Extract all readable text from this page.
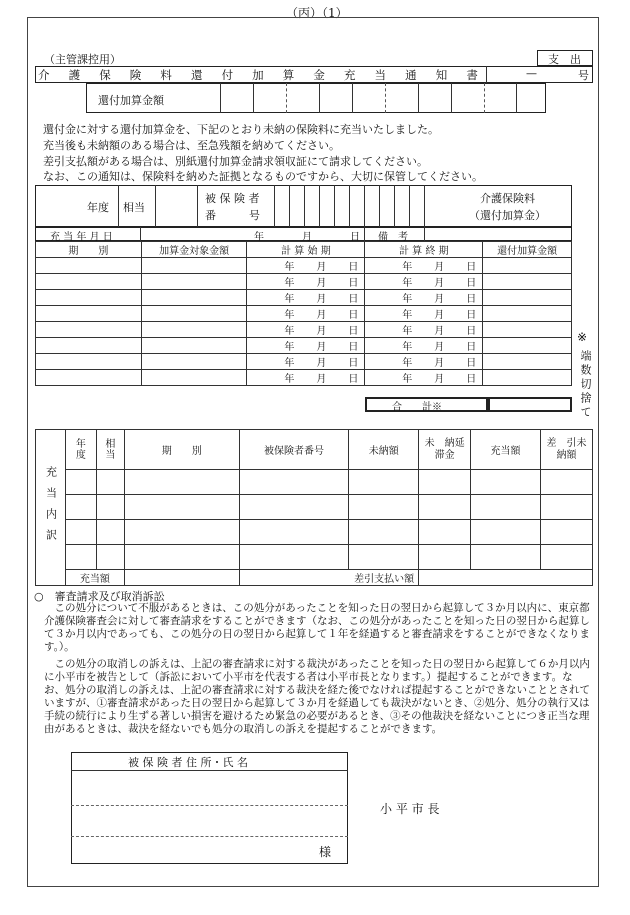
（丙）（1）
（主管課控用）	支　出
介 護 保 険 料 還 付 加 算 金 充 当 通 知 書	—	号
還付加算金額
還付金に対する還付加算金を、下記のとおり未納の保険料に充当いたしました。
充当後も未納額のある場合は、至急残額を納めてください。
差引支払額がある場合は、別紙還付加算金請求領収証にて請求してください。
なお、この通知は、保険料を納めた証拠となるものですから、大切に保管してください。
年度 相当
被 保 険 者
番　　　号
介護保険料
（還付加算金）
充 当 年 月 日	年	月	日 備　考
期　　別	加算金対象金額	計 算 始 期	計 算 終 期	還付加算金額

		年 月 日	年 月 日	

		年 月 日	年 月 日	

		年 月 日	年 月 日	

		年 月 日	年 月 日	

		年 月 日	年 月 日	

		年 月 日	年 月 日	

		年 月 日	年 月 日	

		年 月 日	年 月 日	

合　　計※
※
端数切捨て
充当内訳	年度	相当	期　　別	被保険者番号	未納額	未　納延滞金	充当額	差　引未納額

	充当額			差引支払い額				
○　審査請求及び取消訴訟
　この処分について不服があるときは、この処分があったことを知った日の翌日から起算して３か月以内に、東京都介護保険審査会に対して審査請求をすることができます（なお、この処分があったことを知った日の翌日から起算して３か月以内であっても、この処分の日の翌日から起算して１年を経過すると審査請求をすることができなくなります。）。
　この処分の取消しの訴えは、上記の審査請求に対する裁決があったことを知った日の翌日から起算して６か月以内に小平市を被告として（訴訟において小平市を代表する者は小平市長となります。）提起することができます。なお、処分の取消しの訴えは、上記の審査請求に対する裁決を経た後でなければ提起することができないこととされていますが、①審査請求があった日の翌日から起算して３か月を経過しても裁決がないとき、②処分、処分の執行又は手続の続行により生ずる著しい損害を避けるため緊急の必要があるとき、③その他裁決を経ないことにつき正当な理由があるときは、裁決を経ないでも処分の取消しの訴えを提起することができます。
被 保 険 者 住 所・氏 名
様
小 平 市 長
